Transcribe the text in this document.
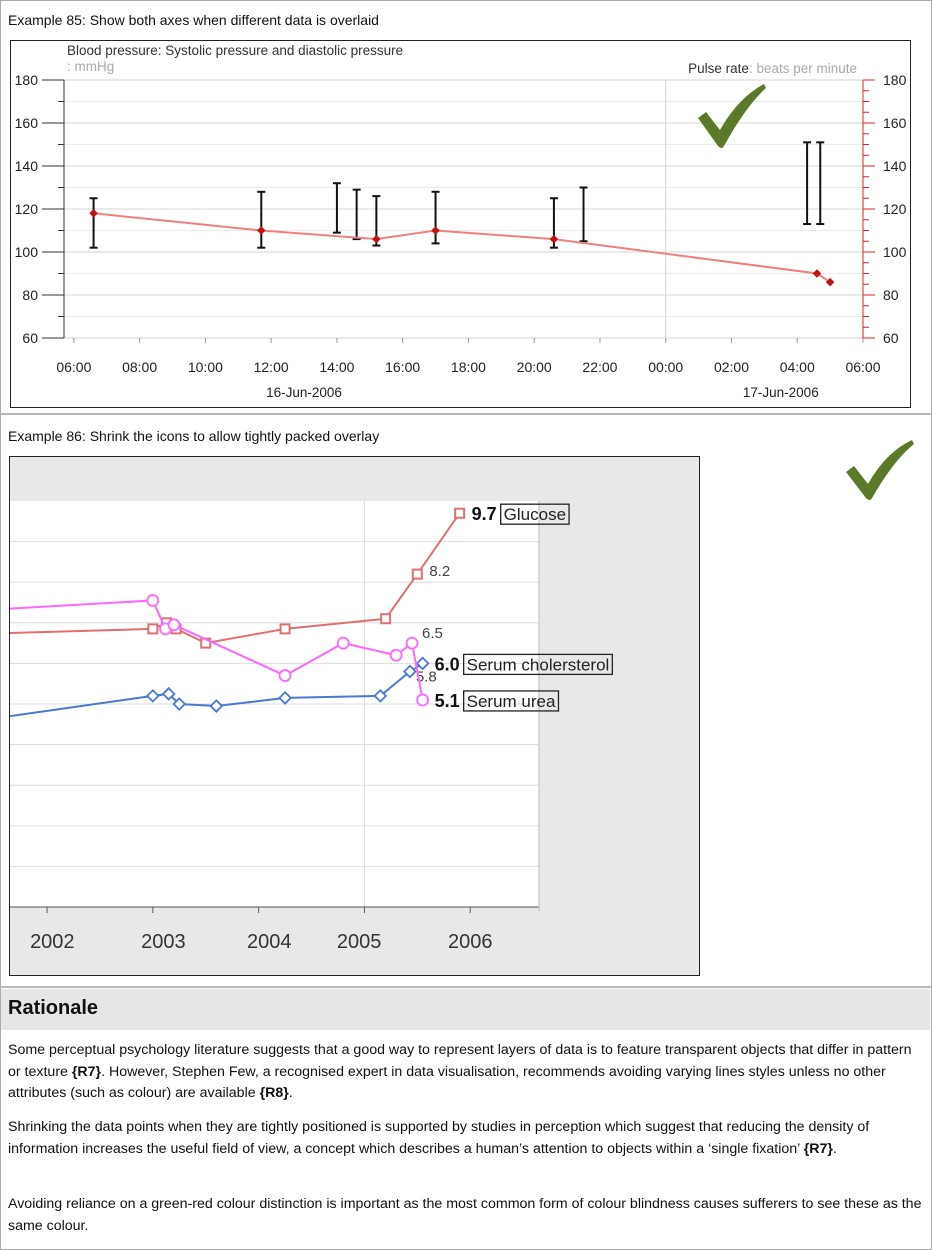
Example 85: Show both axes when different data is overlaid
60
80
100
120
140
160
180
60
80
100
120
140
160
180
Blood pressure: Systolic pressure and diastolic pressure
: mmHg	Pulse rate: beats per minute
06:00 08:00 10:00 12:00 14:00 16:00 18:00 20:00 22:00 00:00 02:00 04:00 06:00
16-Jun-2006	17-Jun-2006
Example 86: Shrink the icons to allow tightly packed overlay
2002	2003	2004 2005	2006
9.7 Glucose
8.2
6.0 Serum cholersterol
5.8
5.1 Serum urea
6.5
Rationale
Some perceptual psychology literature suggests that a good way to represent layers of data is to feature transparent objects that differ in pattern or texture {R7}. However, Stephen Few, a recognised expert in data visualisation, recommends avoiding varying lines styles unless no other attributes (such as colour) are available {R8}.
Shrinking the data points when they are tightly positioned is supported by studies in perception which suggest that reducing the density of information increases the useful field of view, a concept which describes a human’s attention to objects within a ‘single fixation’ {R7}.
Avoiding reliance on a green-red colour distinction is important as the most common form of colour blindness causes sufferers to see these as the same colour.
